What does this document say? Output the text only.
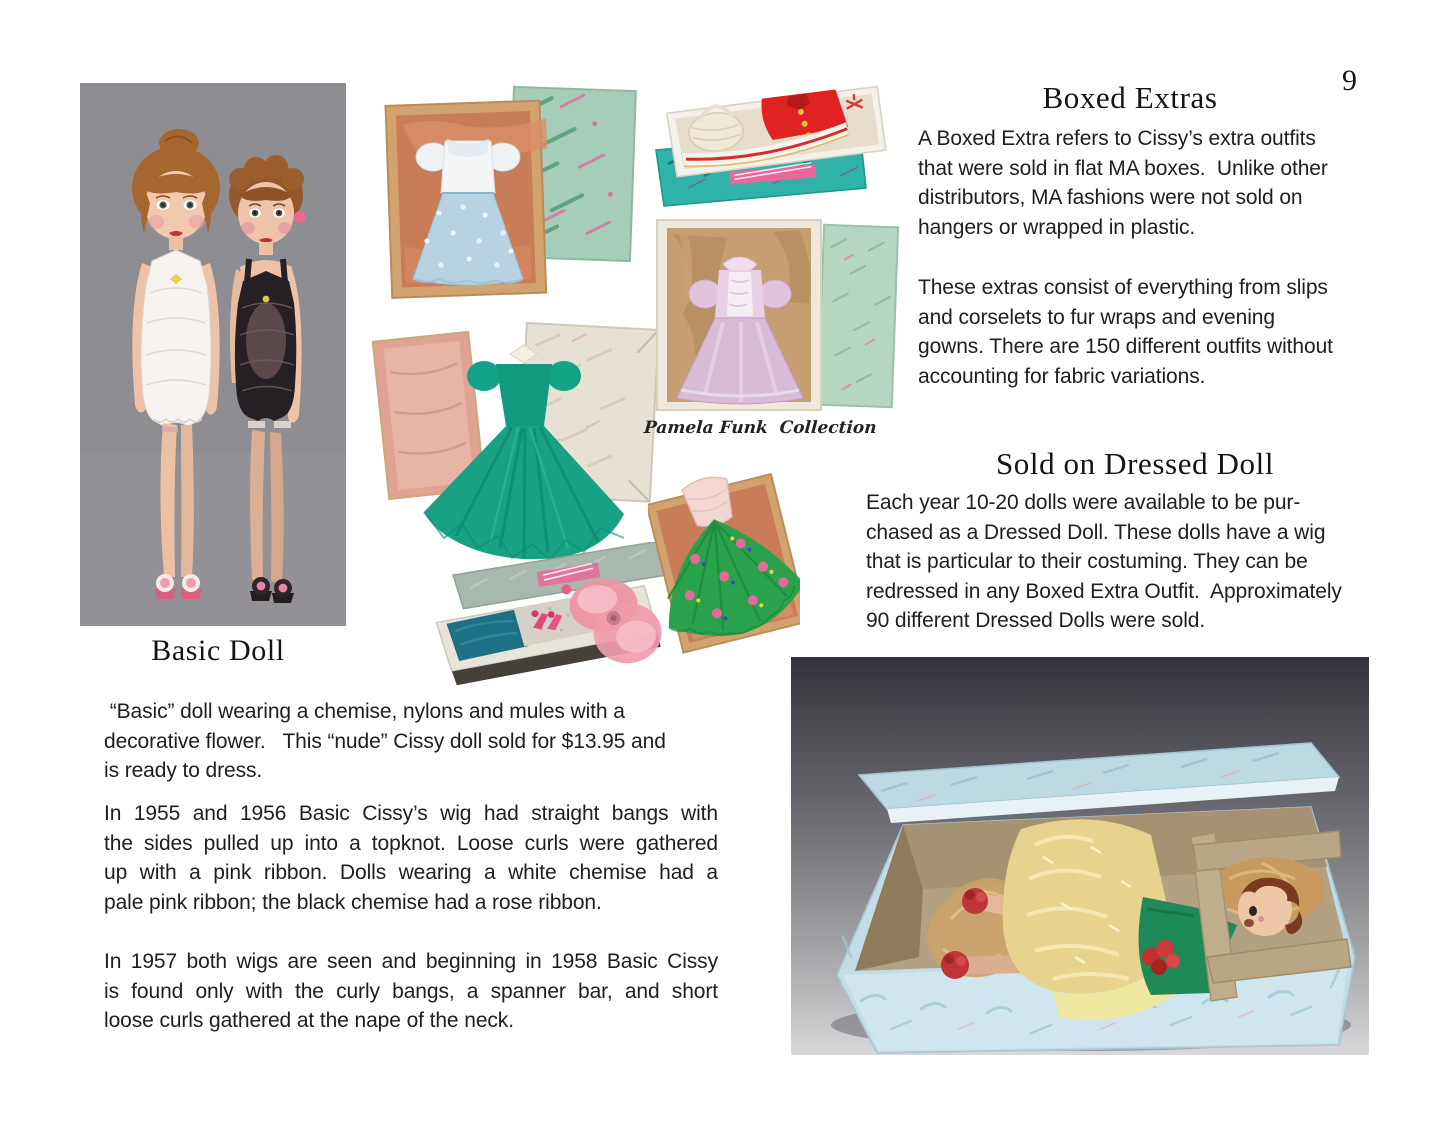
9
Pamela Funk  Collection
Boxed Extras
A Boxed Extra refers to Cissy’s extra outfits
that were sold in flat MA boxes.  Unlike other
distributors, MA fashions were not sold on
hangers or wrapped in plastic.
These extras consist of everything from slips
and corselets to fur wraps and evening
gowns. There are 150 different outfits without
accounting for fabric variations.
Sold on Dressed Doll
Each year 10-20 dolls were available to be pur-
chased as a Dressed Doll. These dolls have a wig
that is particular to their costuming. They can be
redressed in any Boxed Extra Outfit.  Approximately
90 different Dressed Dolls were sold.
Basic Doll
“Basic” doll wearing a chemise, nylons and mules with a
decorative flower.   This “nude” Cissy doll sold for $13.95 and
is ready to dress.
In 1955 and 1956 Basic Cissy’s wig had straight bangs with
the sides pulled up into a topknot. Loose curls were gathered
up with a pink ribbon. Dolls wearing a white chemise had a
pale pink ribbon; the black chemise had a rose ribbon.
In 1957 both wigs are seen and beginning in 1958 Basic Cissy
is found only with the curly bangs, a spanner bar, and short
loose curls gathered at the nape of the neck.
